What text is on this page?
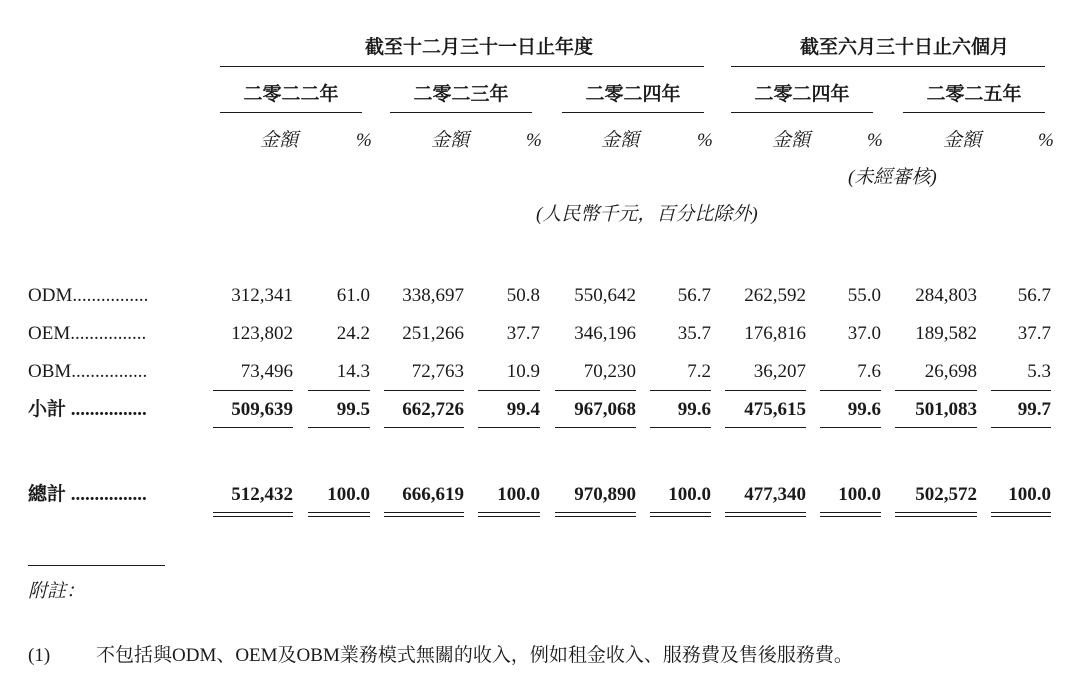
截至十二月三十一日止年度	截至六月三十日止六個月
二零二二年	二零二三年	二零二四年	二零二四年	二零二五年
金額	%	金額	%	金額	%	金額	%	金額	%
(未經審核)
(人民幣千元，百分比除外)
ODM................	312,341 61.0 338,697 50.8 550,642 56.7 262,592 55.0 284,803 56.7
OEM................	123,802 24.2 251,266 37.7 346,196 35.7 176,816 37.0 189,582 37.7
OBM................	73,496 14.3 72,763 10.9 70,230	7.2 36,207	7.6 26,698	5.3
小計 ................	509,639 99.5 662,726 99.4 967,068 99.6 475,615 99.6 501,083 99.7
總計 ................	512,432 100.0 666,619 100.0 970,890 100.0 477,340 100.0 502,572 100.0
附註：
(1) 不包括與ODM、OEM及OBM業務模式無關的收入，例如租金收入、服務費及售後服務費。
